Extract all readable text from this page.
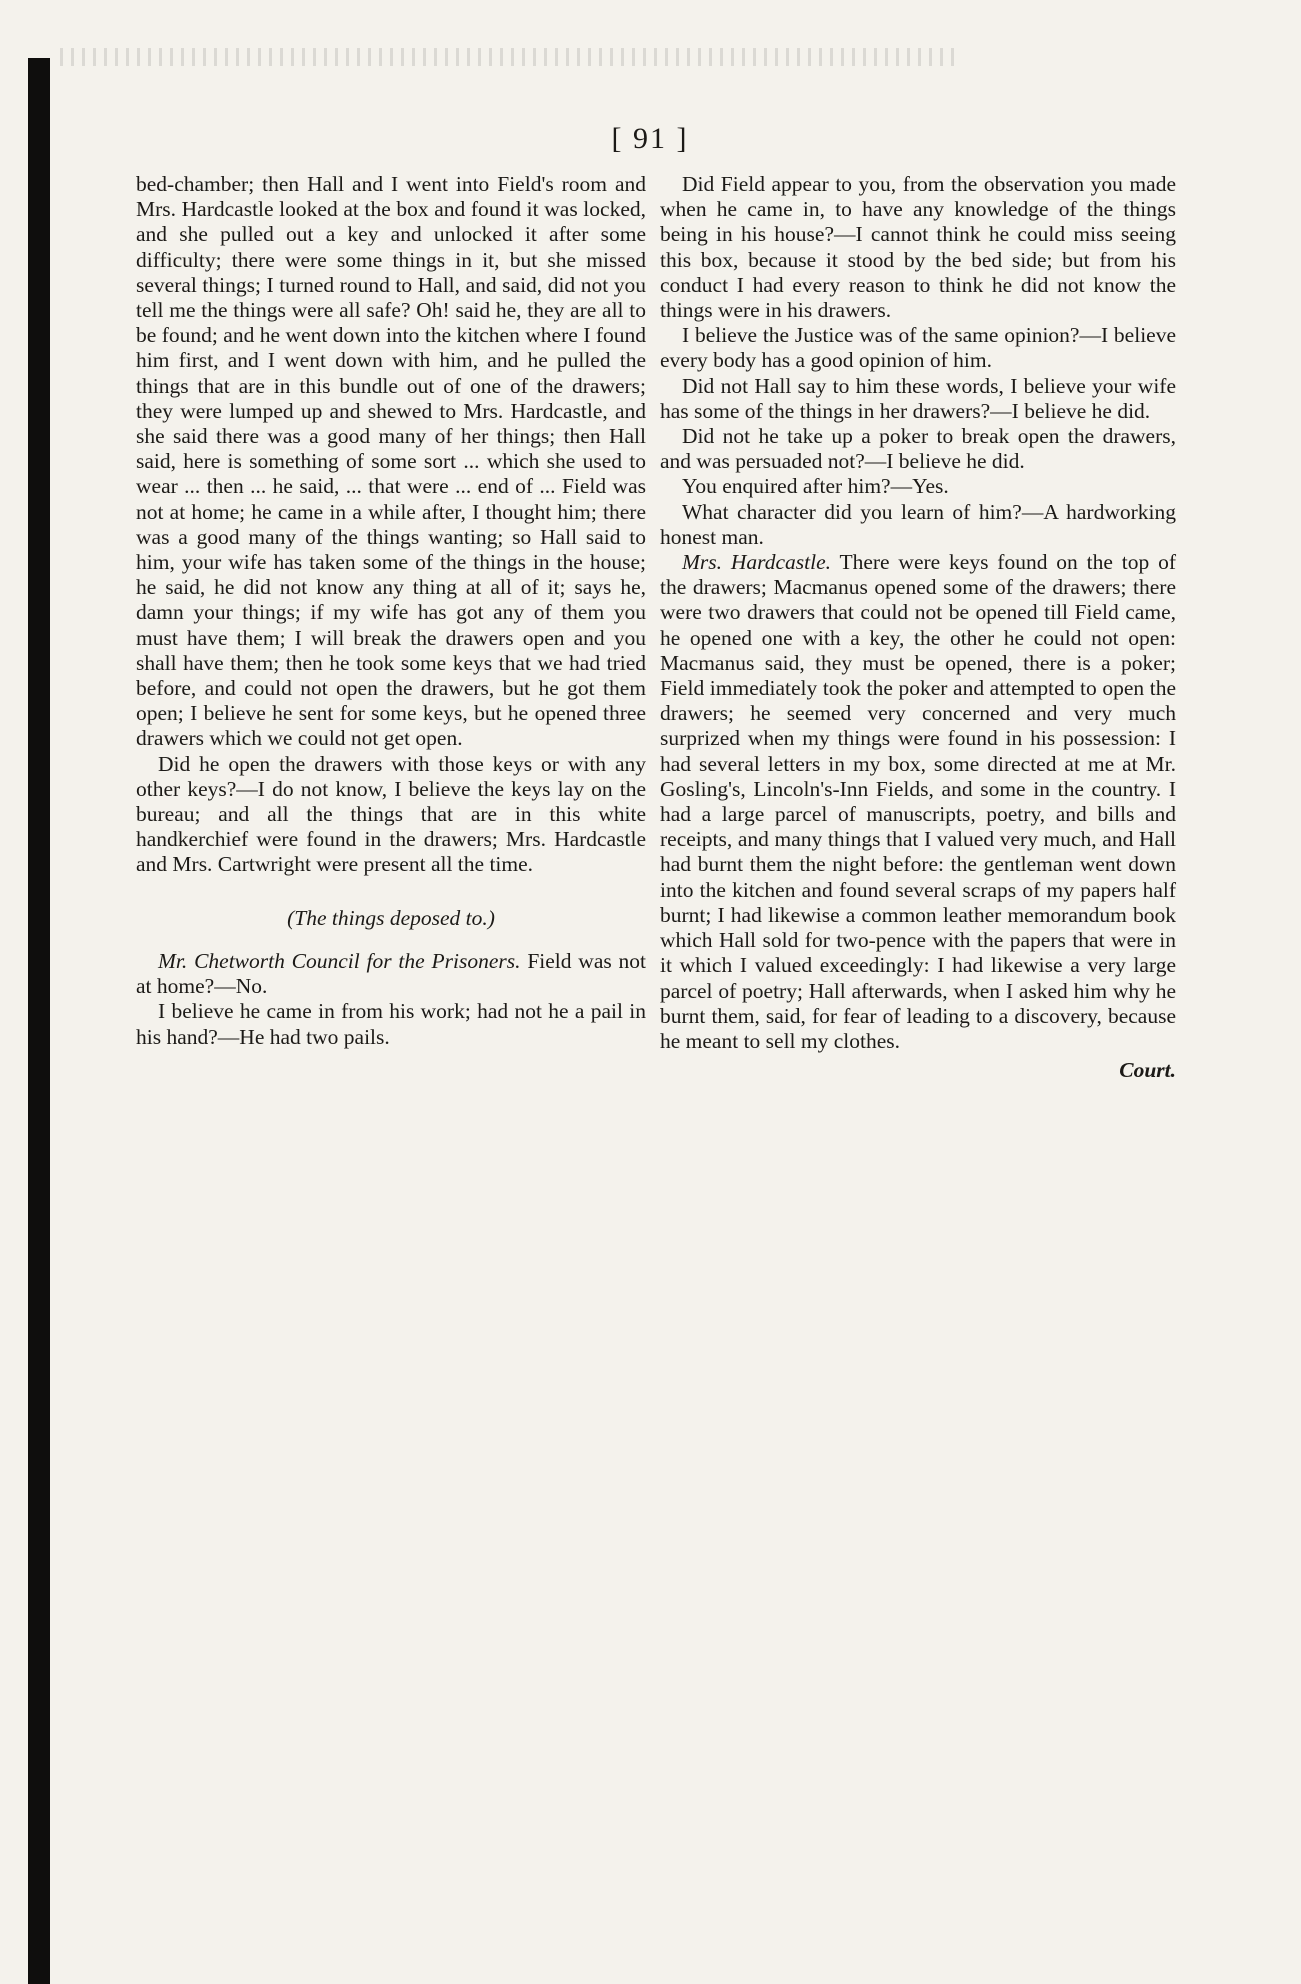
[ 91 ]

bed-chamber; then Hall and I went into Field's room and Mrs. Hardcastle looked at the box and found it was locked, and she pulled out a key and unlocked it after some difficulty; there were some things in it, but she missed several things; I turned round to Hall, and said, did not you tell me the things were all safe? Oh! said he, they are all to be found; and he went down into the kitchen where I found him first, and I went down with him, and he pulled the things that are in this bundle out of one of the drawers; they were lumped up and shewed to Mrs. Hardcastle, and she said there was a good many of her things; then Hall said, here is something of some sort ... which she used to wear ... then ... he said, ... that were ... end of ... Field was not at home; he came in a while after, I thought him; there was a good many of the things wanting; so Hall said to him, your wife has taken some of the things in the house; he said, he did not know any thing at all of it; says he, damn your things; if my wife has got any of them you must have them; I will break the drawers open and you shall have them; then he took some keys that we had tried before, and could not open the drawers, but he got them open; I believe he sent for some keys, but he opened three drawers which we could not get open.

Did he open the drawers with those keys or with any other keys?—I do not know, I believe the keys lay on the bureau; and all the things that are in this white handkerchief were found in the drawers; Mrs. Hardcastle and Mrs. Cartwright were present all the time.

(The things deposed to.)

Mr. Chetworth Council for the Prisoners. Field was not at home?—No.

I believe he came in from his work; had not he a pail in his hand?—He had two pails.

Did Field appear to you, from the observation you made when he came in, to have any knowledge of the things being in his house?—I cannot think he could miss seeing this box, because it stood by the bed side; but from his conduct I had every reason to think he did not know the things were in his drawers.

I believe the Justice was of the same opinion?—I believe every body has a good opinion of him.

Did not Hall say to him these words, I believe your wife has some of the things in her drawers?—I believe he did.

Did not he take up a poker to break open the drawers, and was persuaded not?—I believe he did.

You enquired after him?—Yes.

What character did you learn of him?—A hardworking honest man.

Mrs. Hardcastle. There were keys found on the top of the drawers; Macmanus opened some of the drawers; there were two drawers that could not be opened till Field came, he opened one with a key, the other he could not open: Macmanus said, they must be opened, there is a poker; Field immediately took the poker and attempted to open the drawers; he seemed very concerned and very much surprized when my things were found in his possession: I had several letters in my box, some directed at me at Mr. Gosling's, Lincoln's-Inn Fields, and some in the country. I had a large parcel of manuscripts, poetry, and bills and receipts, and many things that I valued very much, and Hall had burnt them the night before: the gentleman went down into the kitchen and found several scraps of my papers half burnt; I had likewise a common leather memorandum book which Hall sold for two-pence with the papers that were in it which I valued exceedingly: I had likewise a very large parcel of poetry; Hall afterwards, when I asked him why he burnt them, said, for fear of leading to a discovery, because he meant to sell my clothes.

Court.
